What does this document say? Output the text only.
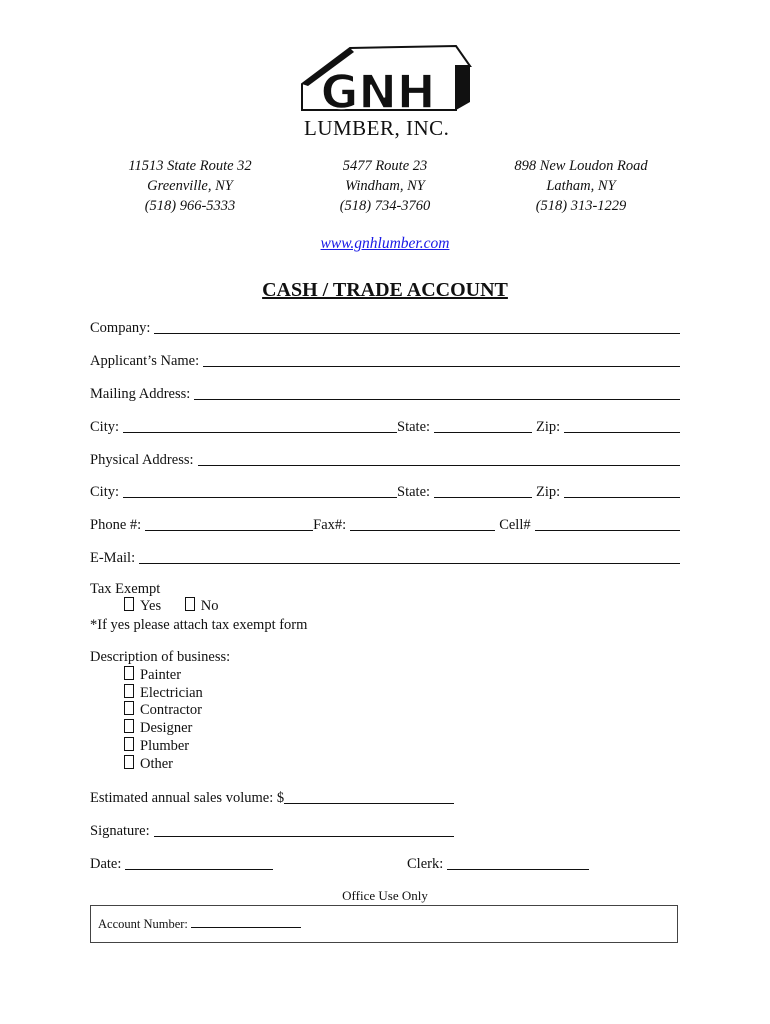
GNH
LUMBER, INC.
11513 State Route 32
Greenville, NY
(518) 966-5333
5477 Route 23
Windham, NY
(518) 734-3760
898 New Loudon Road
Latham, NY
(518) 313-1229
www.gnhlumber.com
CASH / TRADE ACCOUNT
Company:
Applicant’s Name:
Mailing Address:
City:	State:	Zip:
Physical Address:
City:	State:	Zip:
Phone #:	Fax#:	Cell#
E-Mail:
Tax Exempt
Yes	No
*If yes please attach tax exempt form
Description of business:
Painter
Electrician
Contractor
Designer
Plumber
Other
Estimated annual sales volume: $
Signature:
Date:	Clerk:
Office Use Only
Account Number:
